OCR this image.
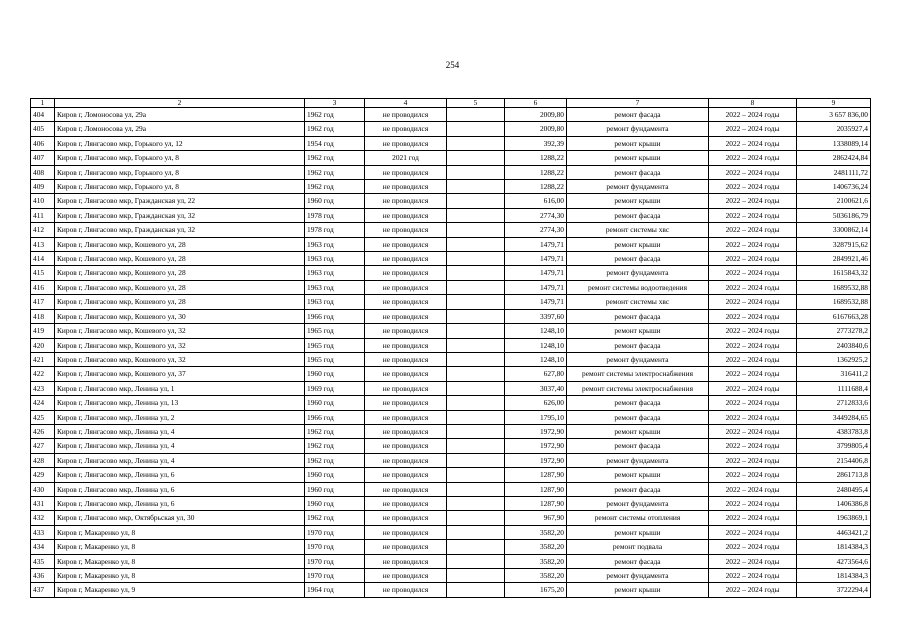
254
1	2	3	4	5	6	7	8	9
404	Киров г, Ломоносова ул, 29а	1962 год	не проводился		2009,80	ремонт фасада	2022 – 2024 годы	3 657 836,00
405	Киров г, Ломоносова ул, 29а	1962 год	не проводился		2009,80	ремонт фундамента	2022 – 2024 годы	2035927,4
406	Киров г, Лянгасово мкр, Горького ул, 12	1954 год	не проводился		392,39	ремонт крыши	2022 – 2024 годы	1338089,14
407	Киров г, Лянгасово мкр, Горького ул, 8	1962 год	2021 год		1288,22	ремонт крыши	2022 – 2024 годы	2862424,84
408	Киров г, Лянгасово мкр, Горького ул, 8	1962 год	не проводился		1288,22	ремонт фасада	2022 – 2024 годы	2481111,72
409	Киров г, Лянгасово мкр, Горького ул, 8	1962 год	не проводился		1288,22	ремонт фундамента	2022 – 2024 годы	1406736,24
410	Киров г, Лянгасово мкр, Гражданская ул, 22	1960 год	не проводился		616,00	ремонт крыши	2022 – 2024 годы	2100621,6
411	Киров г, Лянгасово мкр, Гражданская ул, 32	1978 год	не проводился		2774,30	ремонт фасада	2022 – 2024 годы	5036186,79
412	Киров г, Лянгасово мкр, Гражданская ул, 32	1978 год	не проводился		2774,30	ремонт системы хвс	2022 – 2024 годы	3300862,14
413	Киров г, Лянгасово мкр, Кошевого ул, 28	1963 год	не проводился		1479,71	ремонт крыши	2022 – 2024 годы	3287915,62
414	Киров г, Лянгасово мкр, Кошевого ул, 28	1963 год	не проводился		1479,71	ремонт фасада	2022 – 2024 годы	2849921,46
415	Киров г, Лянгасово мкр, Кошевого ул, 28	1963 год	не проводился		1479,71	ремонт фундамента	2022 – 2024 годы	1615843,32
416	Киров г, Лянгасово мкр, Кошевого ул, 28	1963 год	не проводился		1479,71	ремонт системы водоотведения	2022 – 2024 годы	1689532,88
417	Киров г, Лянгасово мкр, Кошевого ул, 28	1963 год	не проводился		1479,71	ремонт системы хвс	2022 – 2024 годы	1689532,88
418	Киров г, Лянгасово мкр, Кошевого ул, 30	1966 год	не проводился		3397,60	ремонт фасада	2022 – 2024 годы	6167663,28
419	Киров г, Лянгасово мкр, Кошевого ул, 32	1965 год	не проводился		1248,10	ремонт крыши	2022 – 2024 годы	2773278,2
420	Киров г, Лянгасово мкр, Кошевого ул, 32	1965 год	не проводился		1248,10	ремонт фасада	2022 – 2024 годы	2403840,6
421	Киров г, Лянгасово мкр, Кошевого ул, 32	1965 год	не проводился		1248,10	ремонт фундамента	2022 – 2024 годы	1362925,2
422	Киров г, Лянгасово мкр, Кошевого ул, 37	1960 год	не проводился		627,80	ремонт системы электроснабжения	2022 – 2024 годы	316411,2
423	Киров г, Лянгасово мкр, Ленина ул, 1	1969 год	не проводился		3037,40	ремонт системы электроснабжения	2022 – 2024 годы	1111688,4
424	Киров г, Лянгасово мкр, Ленина ул, 13	1960 год	не проводился		626,00	ремонт фасада	2022 – 2024 годы	2712833,6
425	Киров г, Лянгасово мкр, Ленина ул, 2	1966 год	не проводился		1795,10	ремонт фасада	2022 – 2024 годы	3449284,65
426	Киров г, Лянгасово мкр, Ленина ул, 4	1962 год	не проводился		1972,90	ремонт крыши	2022 – 2024 годы	4383783,8
427	Киров г, Лянгасово мкр, Ленина ул, 4	1962 год	не проводился		1972,90	ремонт фасада	2022 – 2024 годы	3799805,4
428	Киров г, Лянгасово мкр, Ленина ул, 4	1962 год	не проводился		1972,90	ремонт фундамента	2022 – 2024 годы	2154406,8
429	Киров г, Лянгасово мкр, Ленина ул, 6	1960 год	не проводился		1287,90	ремонт крыши	2022 – 2024 годы	2861713,8
430	Киров г, Лянгасово мкр, Ленина ул, 6	1960 год	не проводился		1287,90	ремонт фасада	2022 – 2024 годы	2480495,4
431	Киров г, Лянгасово мкр, Ленина ул, 6	1960 год	не проводился		1287,90	ремонт фундамента	2022 – 2024 годы	1406386,8
432	Киров г, Лянгасово мкр, Октябрьская ул, 30	1962 год	не проводился		967,90	ремонт системы отопления	2022 – 2024 годы	1963869,1
433	Киров г, Макаренко ул, 8	1970 год	не проводился		3582,20	ремонт крыши	2022 – 2024 годы	4463421,2
434	Киров г, Макаренко ул, 8	1970 год	не проводился		3582,20	ремонт подвала	2022 – 2024 годы	1814384,3
435	Киров г, Макаренко ул, 8	1970 год	не проводился		3582,20	ремонт фасада	2022 – 2024 годы	4273564,6
436	Киров г, Макаренко ул, 8	1970 год	не проводился		3582,20	ремонт фундамента	2022 – 2024 годы	1814384,3
437	Киров г, Макаренко ул, 9	1964 год	не проводился		1675,20	ремонт крыши	2022 – 2024 годы	3722294,4
